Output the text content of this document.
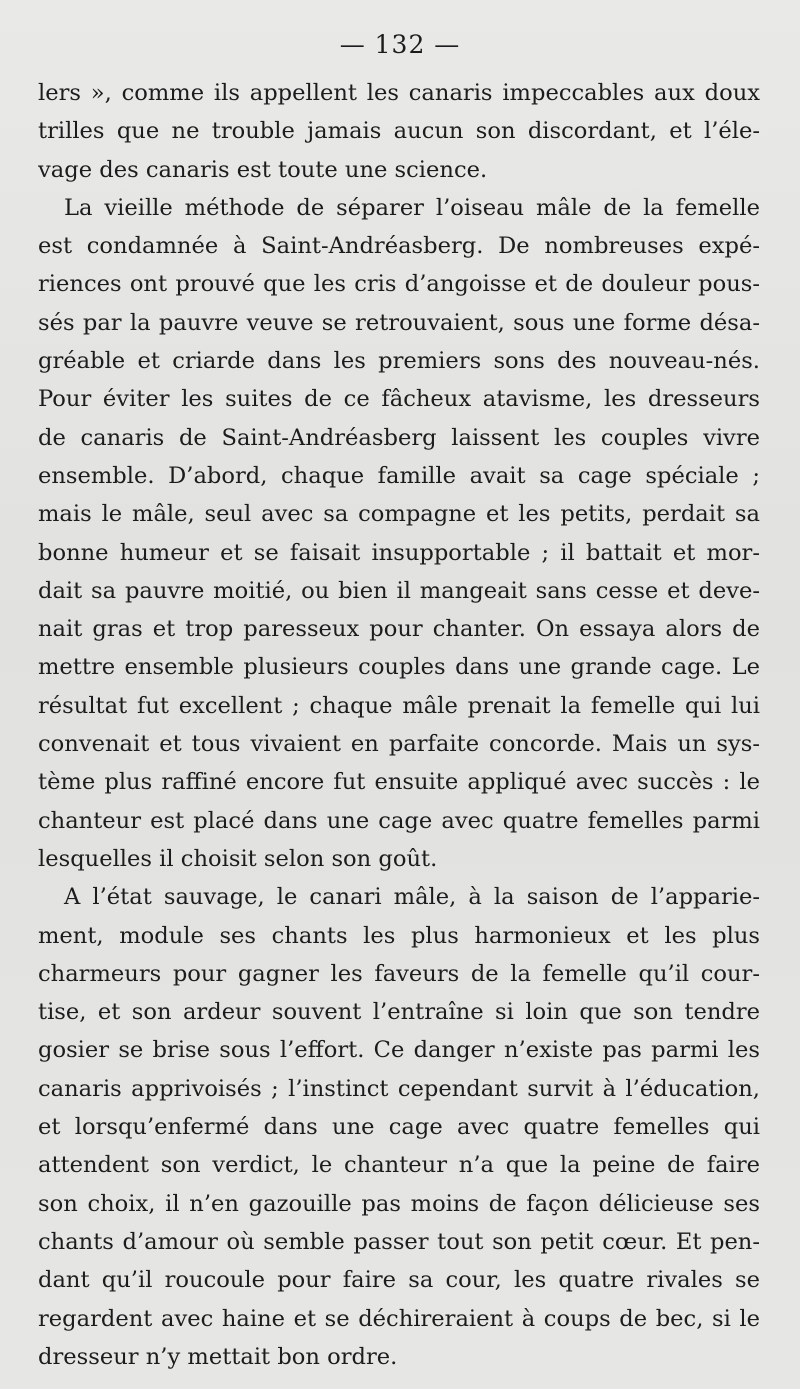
— 132 —
lers », comme ils appellent les canaris impeccables aux doux
trilles que ne trouble jamais aucun son discordant, et l’éle-
vage des canaris est toute une science.
La vieille méthode de séparer l’oiseau mâle de la femelle
est condamnée à Saint-Andréasberg. De nombreuses expé-
riences ont prouvé que les cris d’angoisse et de douleur pous-
sés par la pauvre veuve se retrouvaient, sous une forme désa-
gréable et criarde dans les premiers sons des nouveau-nés.
Pour éviter les suites de ce fâcheux atavisme, les dresseurs
de canaris de Saint-Andréasberg laissent les couples vivre
ensemble. D’abord, chaque famille avait sa cage spéciale ;
mais le mâle, seul avec sa compagne et les petits, perdait sa
bonne humeur et se faisait insupportable ; il battait et mor-
dait sa pauvre moitié, ou bien il mangeait sans cesse et deve-
nait gras et trop paresseux pour chanter. On essaya alors de
mettre ensemble plusieurs couples dans une grande cage. Le
résultat fut excellent ; chaque mâle prenait la femelle qui lui
convenait et tous vivaient en parfaite concorde. Mais un sys-
tème plus raffiné encore fut ensuite appliqué avec succès : le
chanteur est placé dans une cage avec quatre femelles parmi
lesquelles il choisit selon son goût.
A l’état sauvage, le canari mâle, à la saison de l’apparie-
ment, module ses chants les plus harmonieux et les plus
charmeurs pour gagner les faveurs de la femelle qu’il cour-
tise, et son ardeur souvent l’entraîne si loin que son tendre
gosier se brise sous l’effort. Ce danger n’existe pas parmi les
canaris apprivoisés ; l’instinct cependant survit à l’éducation,
et lorsqu’enfermé dans une cage avec quatre femelles qui
attendent son verdict, le chanteur n’a que la peine de faire
son choix, il n’en gazouille pas moins de façon délicieuse ses
chants d’amour où semble passer tout son petit cœur. Et pen-
dant qu’il roucoule pour faire sa cour, les quatre rivales se
regardent avec haine et se déchireraient à coups de bec, si le
dresseur n’y mettait bon ordre.
